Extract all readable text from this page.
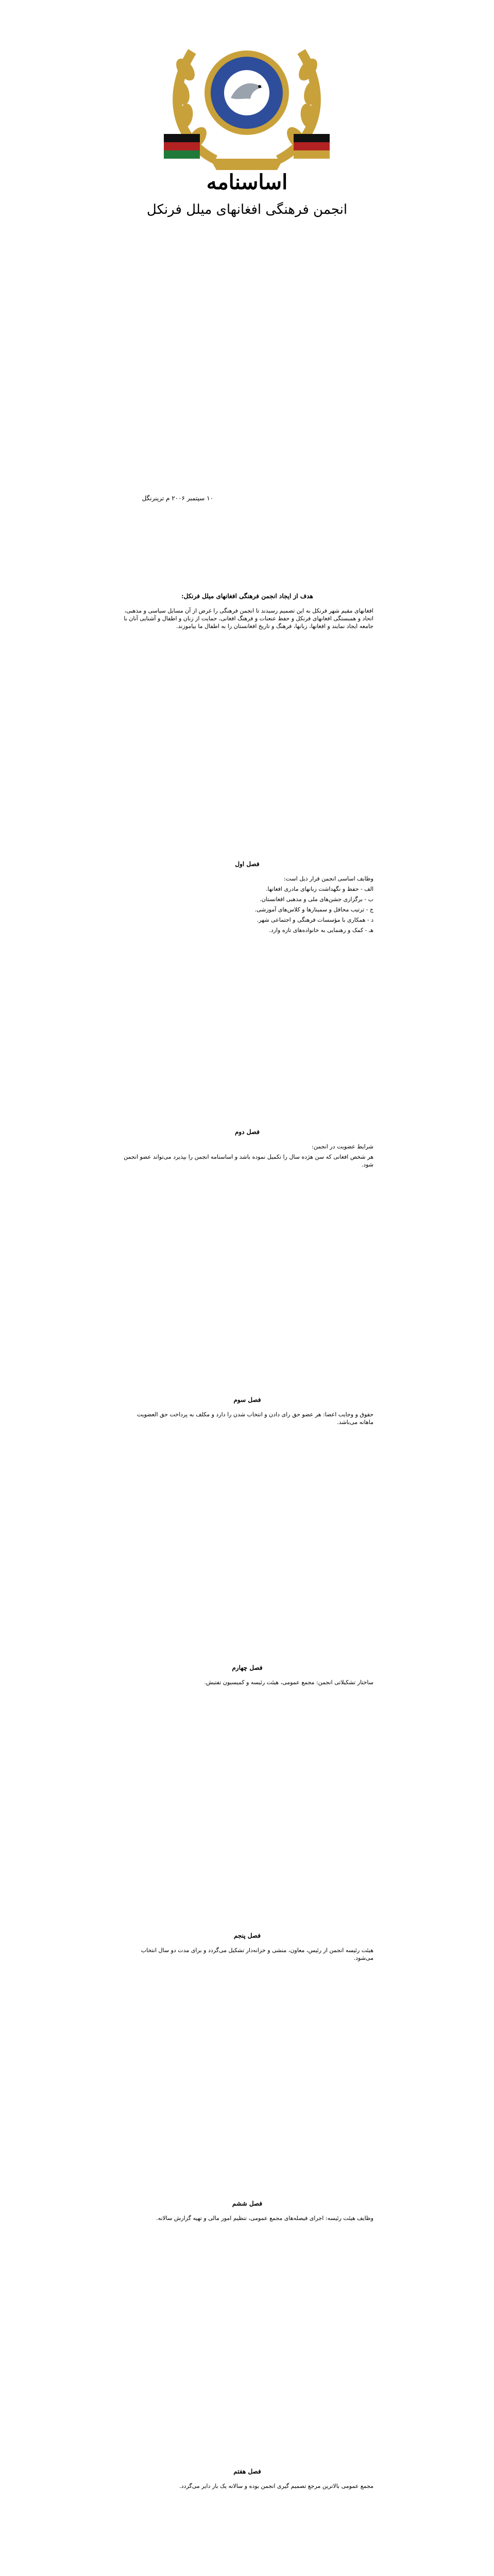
اساسنامه
انجمن فرهنگی افغانهای میلل فرنکل
۱۰ سپتمبر ۲۰۰۶ م ترینرنگل
هدف از ایجاد انجمن فرهنگی افغانهای میلل فرنکل:

افغانهای مقیم شهر فرنکل به این تصمیم رسیدند تا انجمن فرهنگی را غرض از آن مسایل سیاسی و مذهبی، اتحاد و همبستگی افغانهای فرنکل و حفظ عنعنات و فرهنگ افغانی، حمایت از زنان و اطفال و آشنایی آنان با جامعه ایجاد نمایند و افغانها، زبانها، فرهنگ و تاریخ افغانستان را به اطفال ما بیاموزند.

فصل اول

وظایف اساسی انجمن قرار ذیل است:

الف - حفظ و نگهداشت زبانهای مادری افغانها.

ب - برگزاری جشن‌های ملی و مذهبی افغانستان.

ج - ترتیب محافل و سمینارها و کلاس‌های آموزشی.

د - همکاری با مؤسسات فرهنگی و اجتماعی شهر.

هـ - کمک و رهنمایی به خانواده‌های تازه وارد.

فصل دوم

شرایط عضویت در انجمن:

هر شخص افغانی که سن هژده سال را تکمیل نموده باشد و اساسنامه انجمن را بپذیرد می‌تواند عضو انجمن شود.

فصل سوم

حقوق و وجایب اعضا: هر عضو حق رای دادن و انتخاب شدن را دارد و مکلف به پرداخت حق العضویت ماهانه می‌باشد.

فصل چهارم

ساختار تشکیلاتی انجمن: مجمع عمومی، هیئت رئیسه و کمیسیون تفتیش.

فصل پنجم

هیئت رئیسه انجمن از رئیس، معاون، منشی و خزانه‌دار تشکیل می‌گردد و برای مدت دو سال انتخاب می‌شود.

فصل ششم

وظایف هیئت رئیسه: اجرای فیصله‌های مجمع عمومی، تنظیم امور مالی و تهیه گزارش سالانه.

فصل هفتم

مجمع عمومی بالاترین مرجع تصمیم گیری انجمن بوده و سالانه یک بار دایر می‌گردد.
